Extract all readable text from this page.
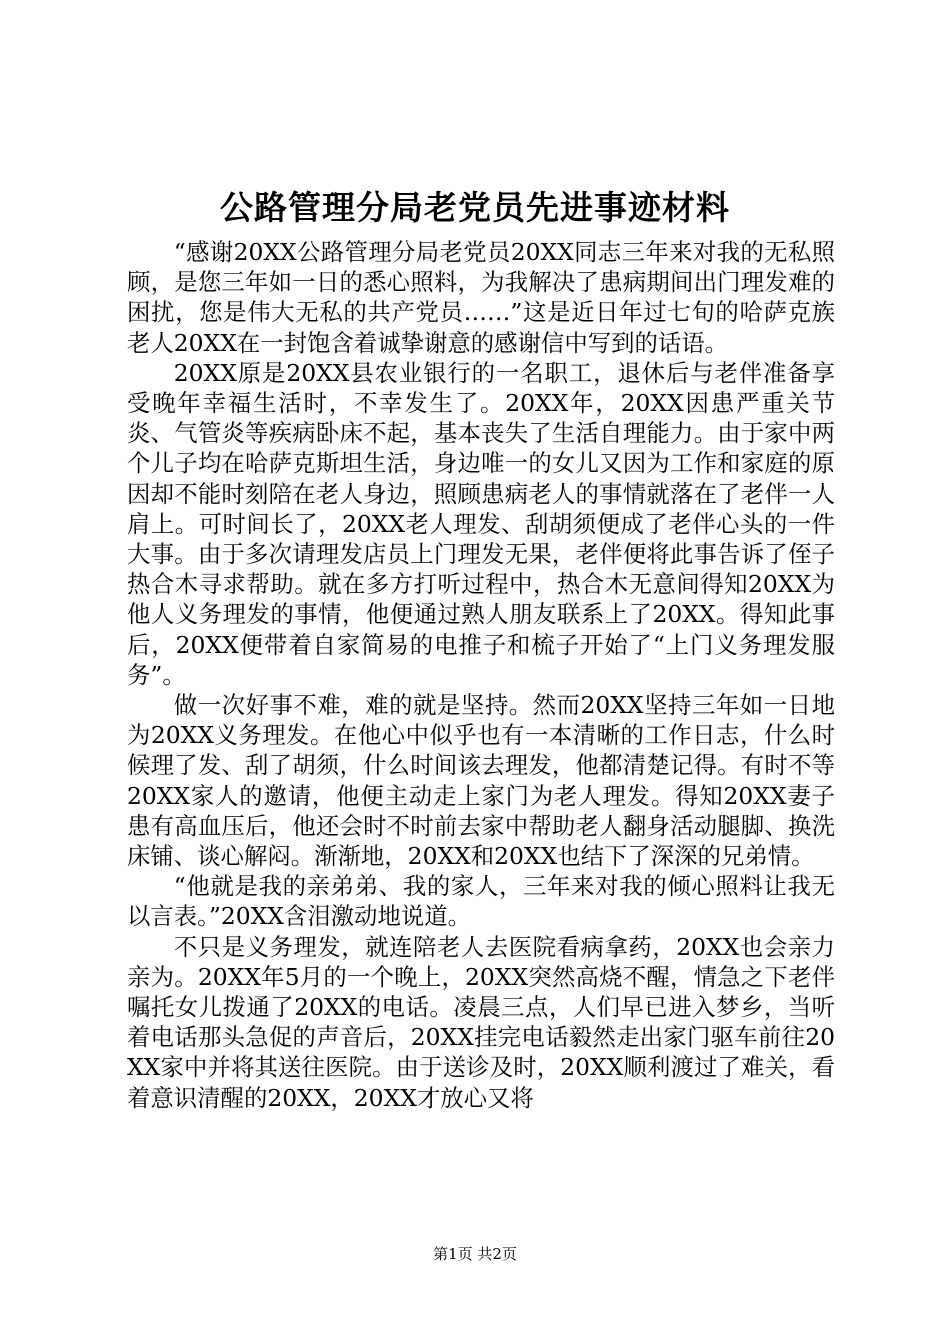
公路管理分局老党员先进事迹材料

“感谢20XX公路管理分局老党员20XX同志三年来对我的无私照顾，是您三年如一日的悉心照料，为我解决了患病期间出门理发难的困扰，您是伟大无私的共产党员……”这是近日年过七旬的哈萨克族老人20XX在一封饱含着诚挚谢意的感谢信中写到的话语。

20XX原是20XX县农业银行的一名职工，退休后与老伴准备享受晚年幸福生活时，不幸发生了。20XX年，20XX因患严重关节炎、气管炎等疾病卧床不起，基本丧失了生活自理能力。由于家中两个儿子均在哈萨克斯坦生活，身边唯一的女儿又因为工作和家庭的原因却不能时刻陪在老人身边，照顾患病老人的事情就落在了老伴一人肩上。可时间长了，20XX老人理发、刮胡须便成了老伴心头的一件大事。由于多次请理发店员上门理发无果，老伴便将此事告诉了侄子热合木寻求帮助。就在多方打听过程中，热合木无意间得知20XX为他人义务理发的事情，他便通过熟人朋友联系上了20XX。得知此事后，20XX便带着自家简易的电推子和梳子开始了“上门义务理发服务”。

做一次好事不难，难的就是坚持。然而20XX坚持三年如一日地为20XX义务理发。在他心中似乎也有一本清晰的工作日志，什么时候理了发、刮了胡须，什么时间该去理发，他都清楚记得。有时不等20XX家人的邀请，他便主动走上家门为老人理发。得知20XX妻子患有高血压后，他还会时不时前去家中帮助老人翻身活动腿脚、换洗床铺、谈心解闷。渐渐地，20XX和20XX也结下了深深的兄弟情。

“他就是我的亲弟弟、我的家人，三年来对我的倾心照料让我无以言表。”20XX含泪激动地说道。

不只是义务理发，就连陪老人去医院看病拿药，20XX也会亲力亲为。20XX年5月的一个晚上，20XX突然高烧不醒，情急之下老伴嘱托女儿拨通了20XX的电话。凌晨三点，人们早已进入梦乡，当听着电话那头急促的声音后，20XX挂完电话毅然走出家门驱车前往20XX家中并将其送往医院。由于送诊及时，20XX顺利渡过了难关，看着意识清醒的20XX，20XX才放心又将

第1页 共2页
